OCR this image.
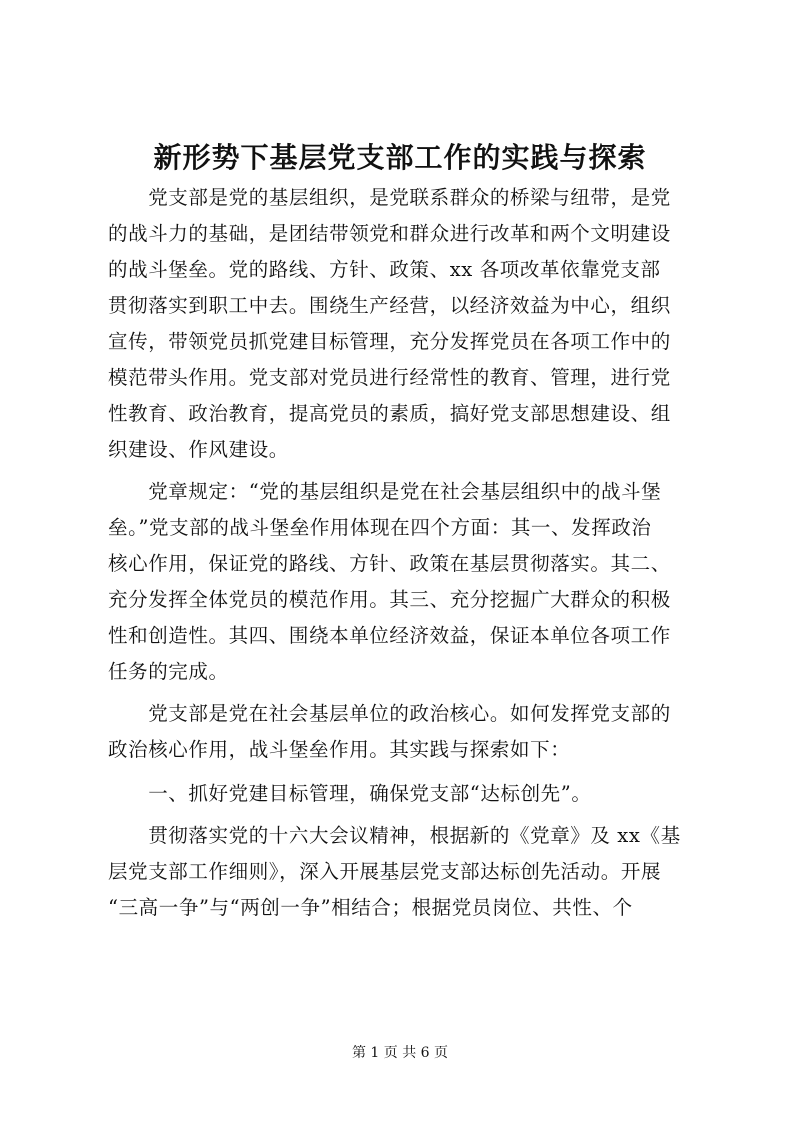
新形势下基层党支部工作的实践与探索
　　党支部是党的基层组织，是党联系群众的桥梁与纽带，是党
的战斗力的基础，是团结带领党和群众进行改革和两个文明建设
的战斗堡垒。党的路线、方针、政策、xx 各项改革依靠党支部
贯彻落实到职工中去。围绕生产经营，以经济效益为中心，组织
宣传，带领党员抓党建目标管理，充分发挥党员在各项工作中的
模范带头作用。党支部对党员进行经常性的教育、管理，进行党
性教育、政治教育，提高党员的素质，搞好党支部思想建设、组
织建设、作风建设。
　　党章规定：“党的基层组织是党在社会基层组织中的战斗堡
垒。”党支部的战斗堡垒作用体现在四个方面：其一、发挥政治
核心作用，保证党的路线、方针、政策在基层贯彻落实。其二、
充分发挥全体党员的模范作用。其三、充分挖掘广大群众的积极
性和创造性。其四、围绕本单位经济效益，保证本单位各项工作
任务的完成。
　　党支部是党在社会基层单位的政治核心。如何发挥党支部的
政治核心作用，战斗堡垒作用。其实践与探索如下：
　　一、抓好党建目标管理，确保党支部“达标创先”。
　　贯彻落实党的十六大会议精神，根据新的《党章》及 xx《基
层党支部工作细则》，深入开展基层党支部达标创先活动。开展
“三高一争”与“两创一争”相结合；根据党员岗位、共性、个
第 1 页 共 6 页
